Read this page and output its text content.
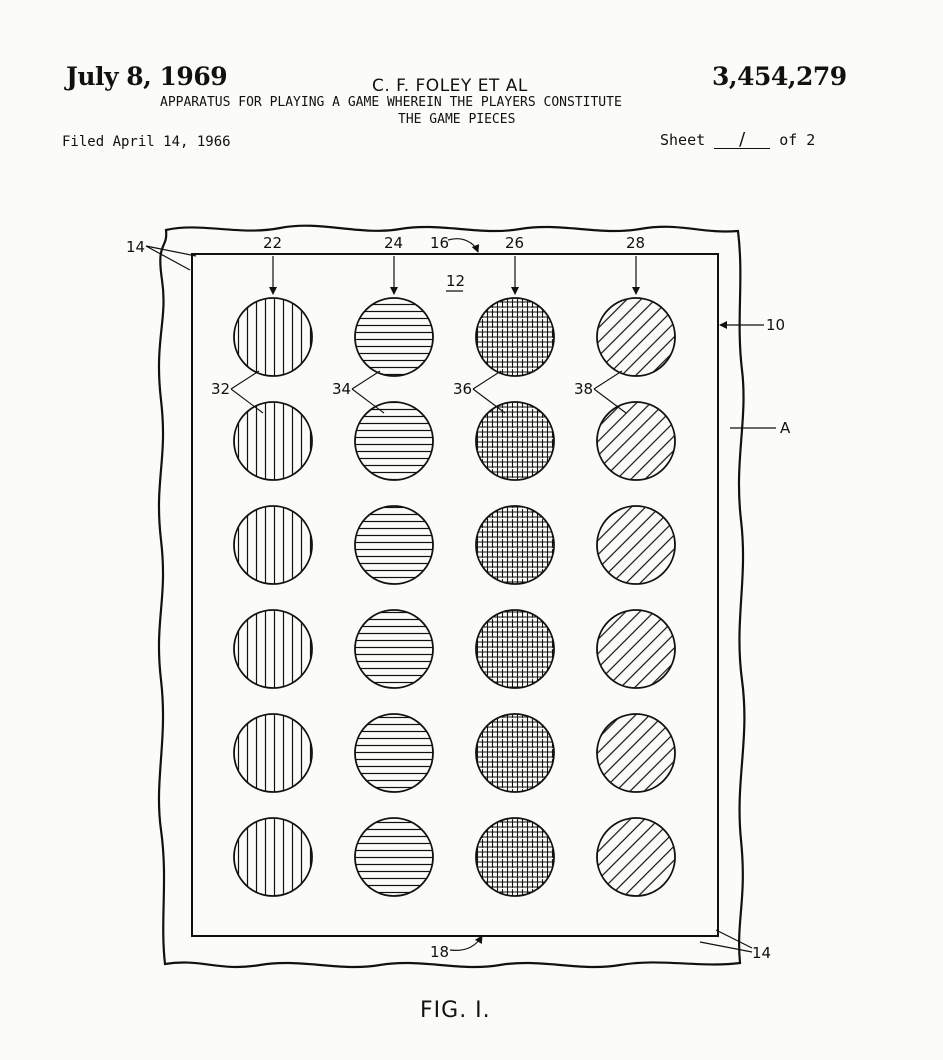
July 8, 1969	C. F. FOLEY ET AL	3,454,279
APPARATUS FOR PLAYING A GAME WHEREIN THE PLAYERS CONSTITUTE
THE GAME PIECES
Filed April 14, 1966	Sheet / of 2
22
32
24
34
26
36
28
38
14	16
12
10
A
18	14
FIG. I.
